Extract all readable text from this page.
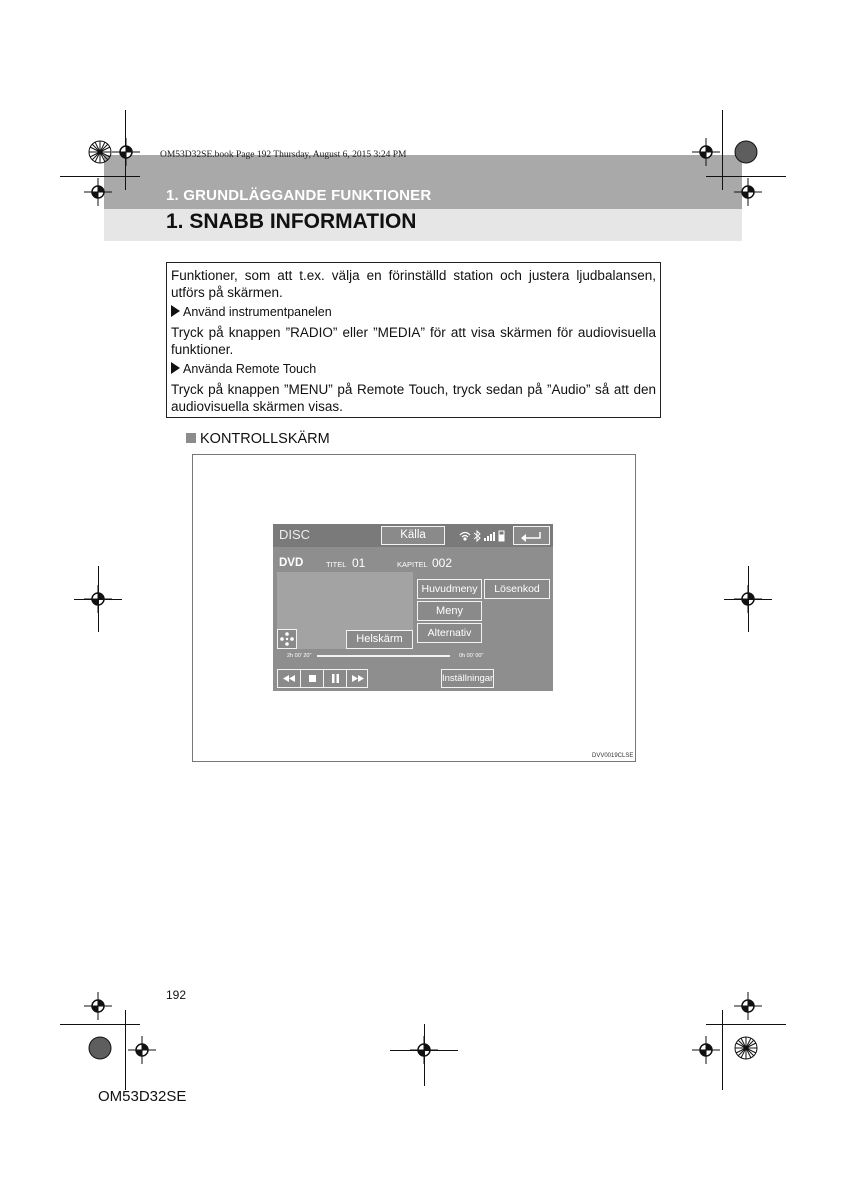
OM53D32SE.book Page 192 Thursday, August 6, 2015 3:24 PM
1. GRUNDLÄGGANDE FUNKTIONER
1. SNABB INFORMATION

Funktioner, som att t.ex. välja en förinställd station och justera ljudbalansen, utförs på skärmen.

Använd instrumentpanelen

Tryck på knappen ”RADIO” eller ”MEDIA” för att visa skärmen för audiovisuella funktioner.

Använda Remote Touch

Tryck på knappen ”MENU” på Remote Touch, tryck sedan på ”Audio” så att den audiovisuella skärmen visas.

KONTROLLSKÄRM
DVV0019CLSE
DISC	Källa
DVD	TITEL 01	KAPITEL 002
Helskärm
Huvudmeny	Lösenkod
Meny
Alternativ
2h 00' 20"	0h 00' 00"
Inställningar
192
OM53D32SE
